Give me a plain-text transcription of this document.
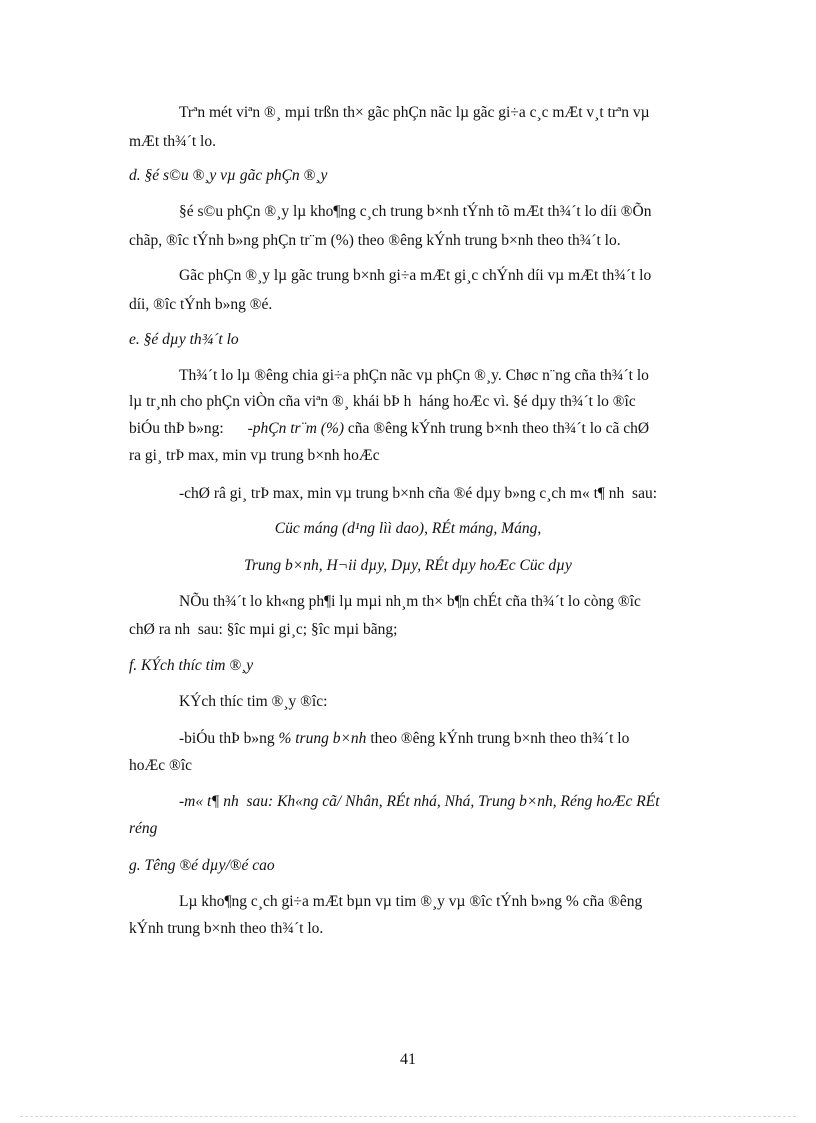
Trªn mét viªn ®¸ mµi trßn th× gãc phÇn nãc lµ gãc gi÷a c¸c mÆt v¸t trªn vµ
mÆt th¾´t lo.
d. §é s©u ®¸y vµ gãc phÇn ®¸y
§é s©u phÇn ®¸y lµ kho¶ng c¸ch trung b×nh tÝnh tõ mÆt th¾´t lo díi ®Õn
chãp, ®îc tÝnh b»ng phÇn tr¨m (%) theo ®êng kÝnh trung b×nh theo th¾´t lo.
Gãc phÇn ®¸y lµ gãc trung b×nh gi÷a mÆt gi¸c chÝnh díi vµ mÆt th¾´t lo
díi, ®îc tÝnh b»ng ®é.
e. §é dµy th¾´t lo
Th¾´t lo lµ ®êng chia gi÷a phÇn nãc vµ phÇn ®¸y. Chøc n¨ng cña th¾´t lo
lµ tr¸nh cho phÇn viÒn cña viªn ®¸ khái bÞ h  háng hoÆc vì. §é dµy th¾´t lo ®îc
biÓu thÞ b»ng: -phÇn tr¨m (%) cña ®êng kÝnh trung b×nh theo th¾´t lo cã chØ
ra gi¸ trÞ max, min vµ trung b×nh hoÆc
-chØ râ gi¸ trÞ max, min vµ trung b×nh cña ®é dµy b»ng c¸ch m« t¶ nh  sau:
Cüc máng (d¹ng lìì dao), RÉt máng, Máng,
Trung b×nh, H¬ii dµy, Dµy, RÉt dµy hoÆc Cüc dµy
NÕu th¾´t lo kh«ng ph¶i lµ mµi nh¸m th× b¶n chÉt cña th¾´t lo còng ®îc
chØ ra nh  sau: §îc mµi gi¸c; §îc mµi bãng;
f. KÝch thíc tim ®¸y
KÝch thíc tim ®¸y ®îc:
-biÓu thÞ b»ng % trung b×nh theo ®êng kÝnh trung b×nh theo th¾´t lo
hoÆc ®îc
-m« t¶ nh  sau: Kh«ng cã/ Nhân, RÉt nhá, Nhá, Trung b×nh, Réng hoÆc RÉt
réng
g. Têng ®é dµy/®é cao
Lµ kho¶ng c¸ch gi÷a mÆt bµn vµ tim ®¸y vµ ®îc tÝnh b»ng % cña ®êng
kÝnh trung b×nh theo th¾´t lo.
41
